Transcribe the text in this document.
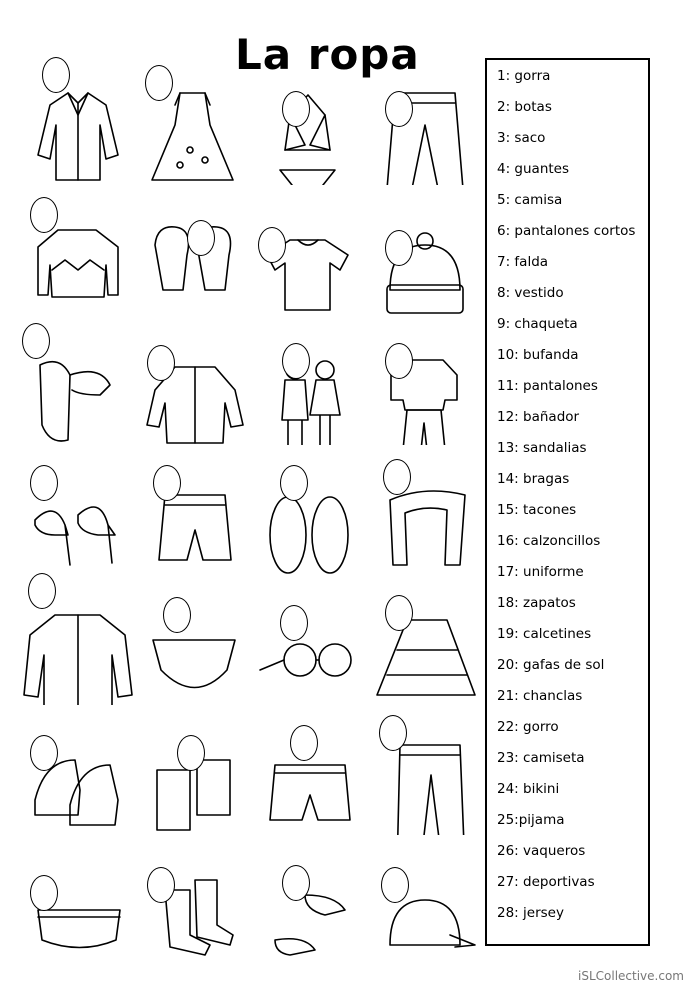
La ropa	1: gorra
2: botas
3: saco
4: guantes
5: camisa
6: pantalones cortos
7: falda
8: vestido
9: chaqueta
10: bufanda
11: pantalones
12: bañador
13: sandalias
14: bragas
15: tacones
16: calzoncillos
17: uniforme
18: zapatos
19: calcetines
20: gafas de sol
21: chanclas
22: gorro
23: camiseta
24: bikini
25:pijama
26: vaqueros
27: deportivas
28: jersey
iSLCollective.com
